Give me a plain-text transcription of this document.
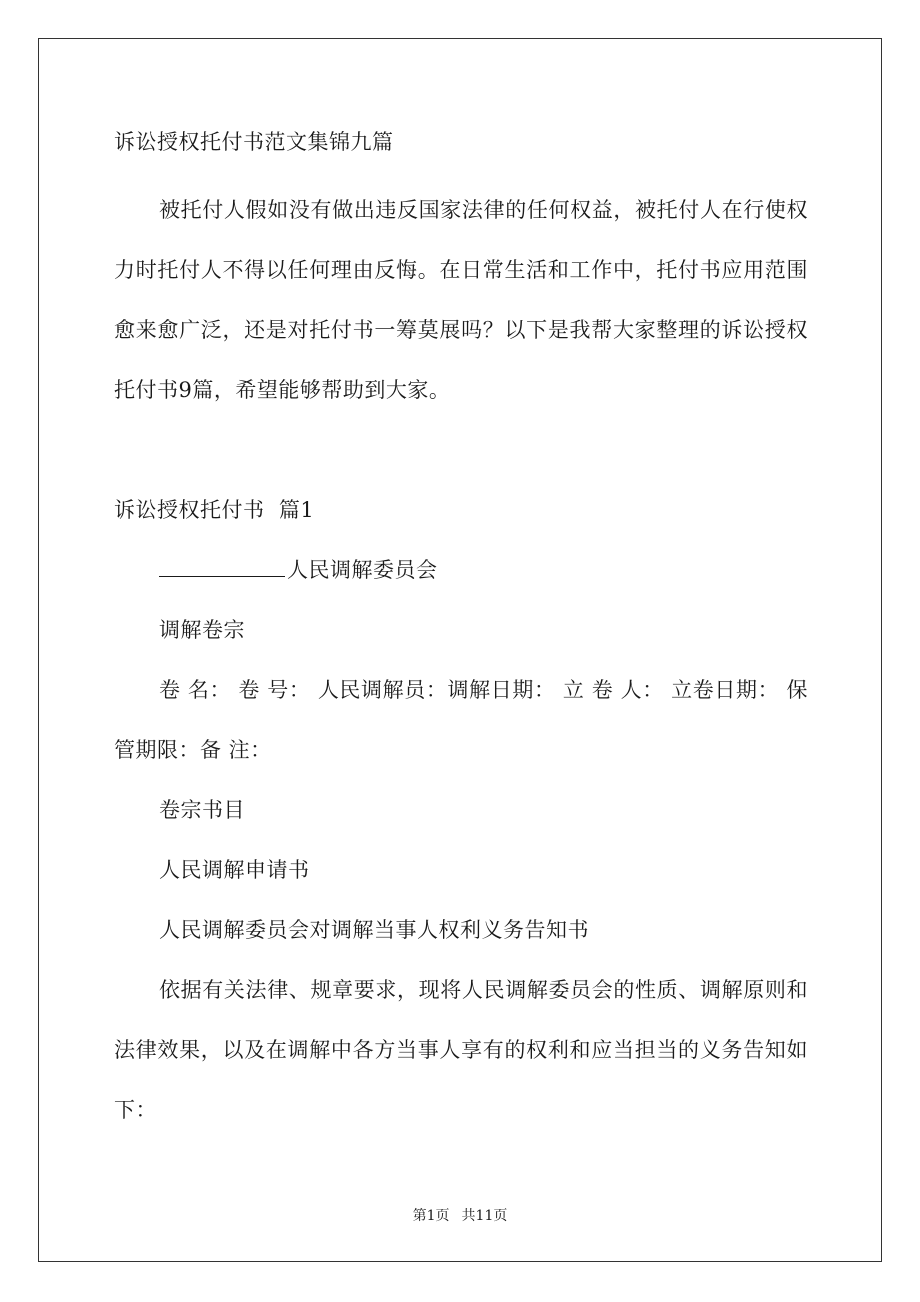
诉讼授权托付书范文集锦九篇

被托付人假如没有做出违反国家法律的任何权益，被托付人在行使权力时托付人不得以任何理由反悔。在日常生活和工作中，托付书应用范围愈来愈广泛，还是对托付书一筹莫展吗？以下是我帮大家整理的诉讼授权托付书9篇，希望能够帮助到大家。

诉讼授权托付书  篇1

人民调解委员会

调解卷宗

卷 名： 卷 号： 人民调解员：调解日期： 立 卷 人： 立卷日期： 保管期限：备 注：

卷宗书目

人民调解申请书

人民调解委员会对调解当事人权利义务告知书

依据有关法律、规章要求，现将人民调解委员会的性质、调解原则和法律效果，以及在调解中各方当事人享有的权利和应当担当的义务告知如下：

第1页 共11页
